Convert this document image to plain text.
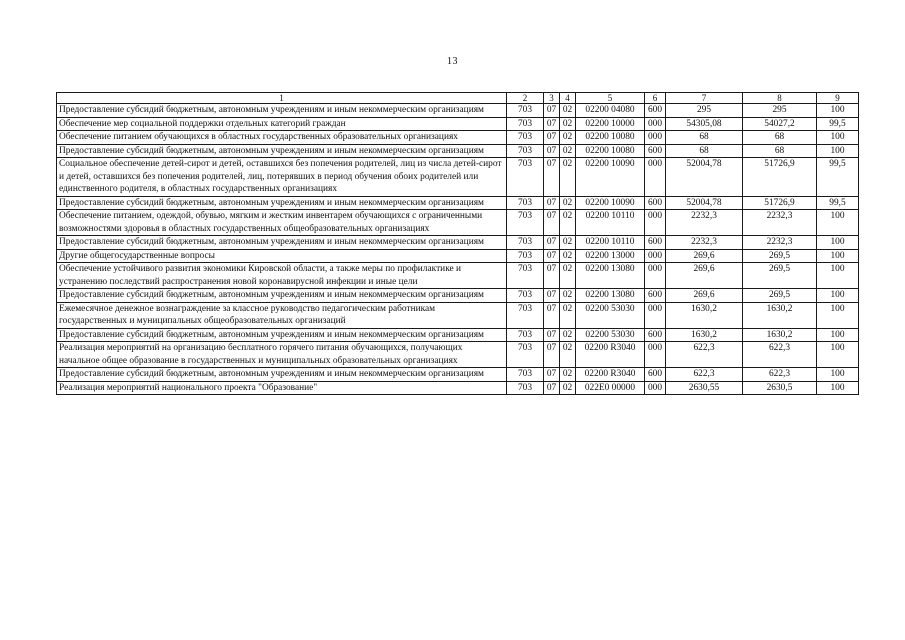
13
1	2	3	4	5	6	7	8	9
Предоставление субсидий бюджетным, автономным учреждениям и иным некоммерческим организациям	703	07	02	02200 04080	600	295	295	100
Обеспечение мер социальной поддержки отдельных категорий граждан	703	07	02	02200 10000	000	54305,08	54027,2	99,5
Обеспечение питанием обучающихся в областных государственных образовательных организациях	703	07	02	02200 10080	000	68	68	100
Предоставление субсидий бюджетным, автономным учреждениям и иным некоммерческим организациям	703	07	02	02200 10080	600	68	68	100
Социальное обеспечение детей-сирот и детей, оставшихся без попечения родителей, лиц из числа детей-сирот и детей, оставшихся без попечения родителей, лиц, потерявших в период обучения обоих родителей или единственного родителя, в областных государственных организациях	703	07	02	02200 10090	000	52004,78	51726,9	99,5
Предоставление субсидий бюджетным, автономным учреждениям и иным некоммерческим организациям	703	07	02	02200 10090	600	52004,78	51726,9	99,5
Обеспечение питанием, одеждой, обувью, мягким и жестким инвентарем обучающихся с ограниченными возможностями здоровья в областных государственных общеобразовательных организациях	703	07	02	02200 10110	000	2232,3	2232,3	100
Предоставление субсидий бюджетным, автономным учреждениям и иным некоммерческим организациям	703	07	02	02200 10110	600	2232,3	2232,3	100
Другие общегосударственные вопросы	703	07	02	02200 13000	000	269,6	269,5	100
Обеспечение устойчивого развития экономики Кировской области, а также меры по профилактике и устранению последствий распространения новой коронавирусной инфекции и иные цели	703	07	02	02200 13080	000	269,6	269,5	100
Предоставление субсидий бюджетным, автономным учреждениям и иным некоммерческим организациям	703	07	02	02200 13080	600	269,6	269,5	100
Ежемесячное денежное вознаграждение за классное руководство педагогическим работникам государственных и муниципальных общеобразовательных организаций	703	07	02	02200 53030	000	1630,2	1630,2	100
Предоставление субсидий бюджетным, автономным учреждениям и иным некоммерческим организациям	703	07	02	02200 53030	600	1630,2	1630,2	100
Реализация мероприятий на организацию бесплатного горячего питания обучающихся, получающих начальное общее образование в государственных и муниципальных образовательных организациях	703	07	02	02200 R3040	000	622,3	622,3	100
Предоставление субсидий бюджетным, автономным учреждениям и иным некоммерческим организациям	703	07	02	02200 R3040	600	622,3	622,3	100
Реализация мероприятий национального проекта "Образование"	703	07	02	022E0 00000	000	2630,55	2630,5	100
